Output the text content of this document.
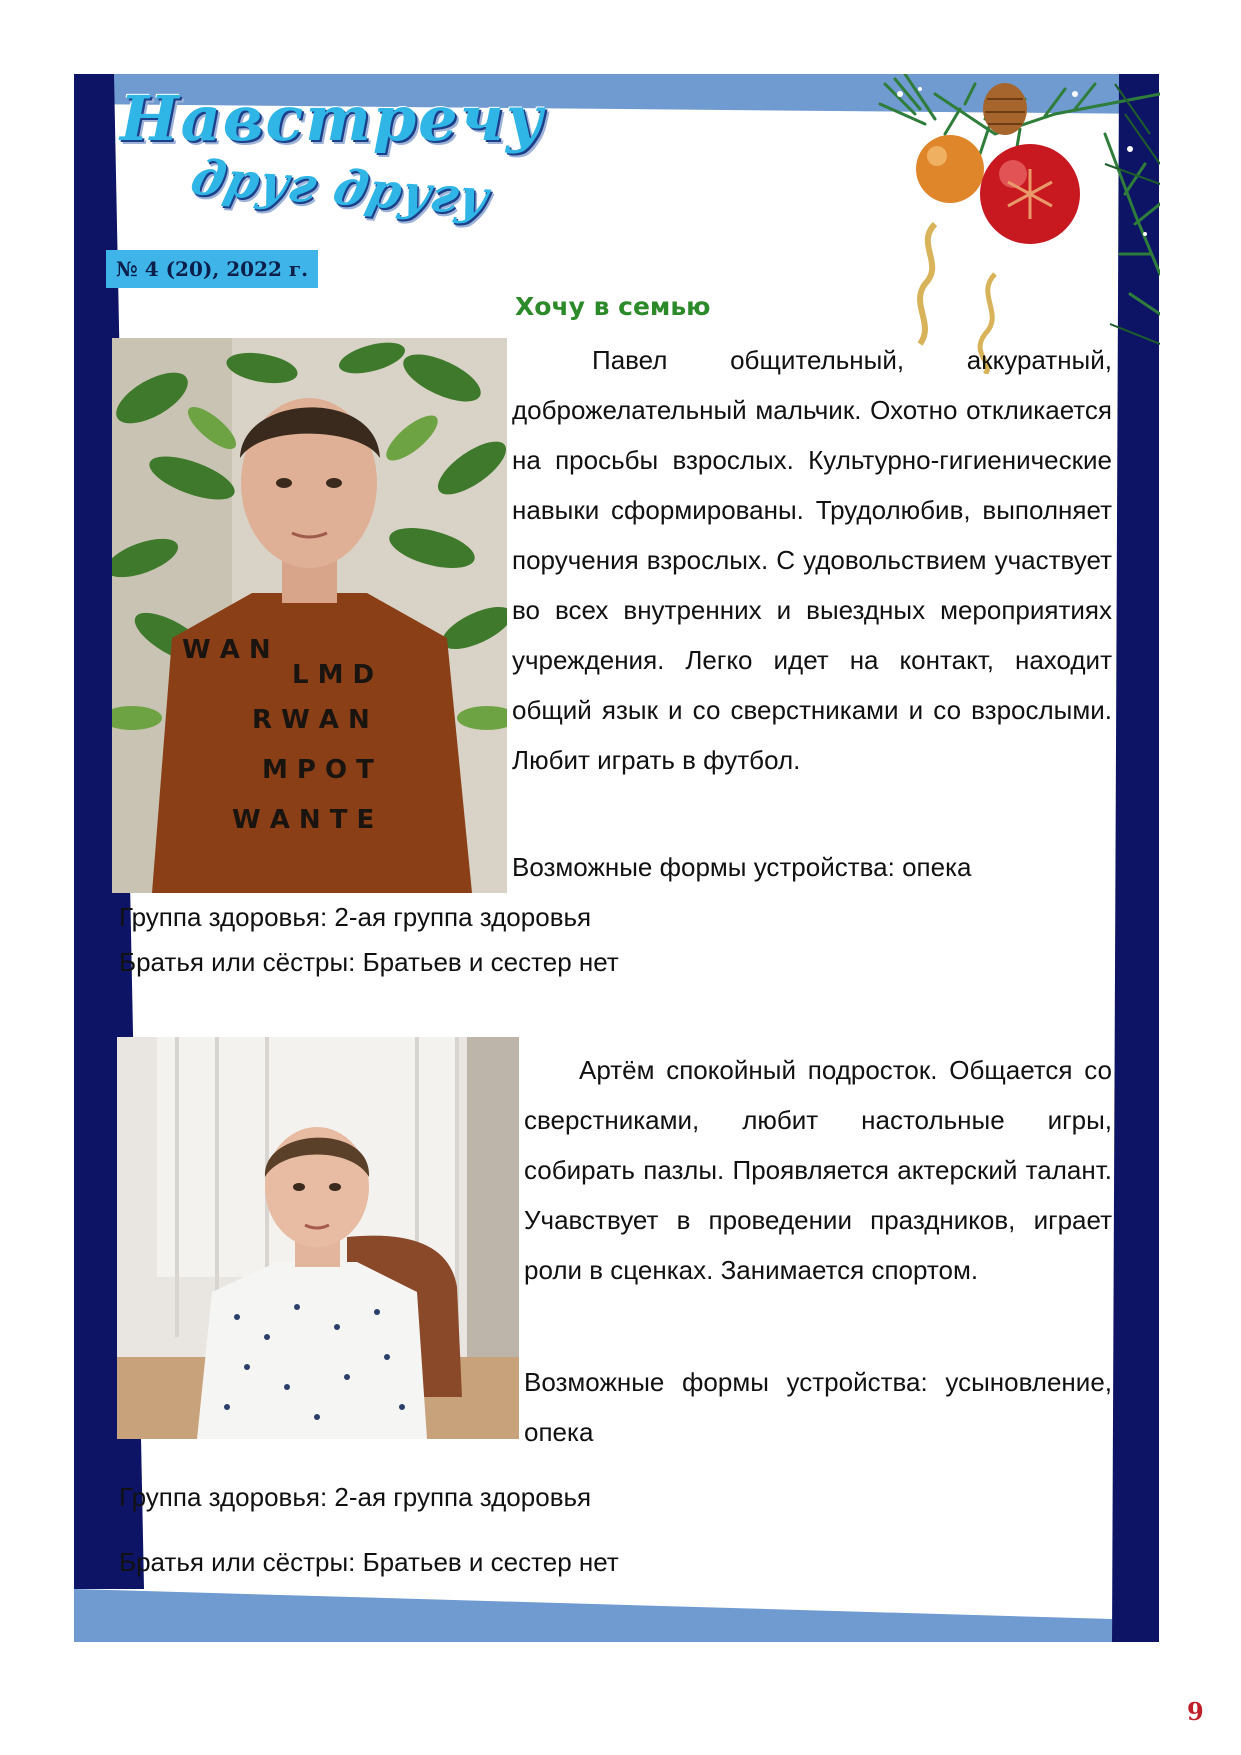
Навстречу
друг другу
№ 4 (20), 2022 г.
Хочу в семью
W A N
L M D
R W A N
M P O T
W A N T E
Павел общительный, аккуратный, доброжелательный мальчик. Охотно откликается на просьбы взрослых. Культурно-гигиенические навыки сформированы. Трудолюбив, выполняет поручения взрослых. С удовольствием участвует во всех внутренних и выездных мероприятиях учреждения. Легко идет на контакт, находит общий язык и со сверстниками и со взрослыми. Любит играть в футбол.
Возможные формы устройства: опека
Группа здоровья: 2-ая группа здоровья
Братья или сёстры: Братьев и сестер нет
Артём спокойный подросток. Общается со сверстниками, любит настольные игры, собирать пазлы. Проявляется актерский талант. Учавствует в проведении праздников, играет роли в сценках. Занимается спортом.
Возможные формы устройства: усыновление, опека
Группа здоровья: 2-ая группа здоровья
Братья или сёстры: Братьев и сестер нет
9
